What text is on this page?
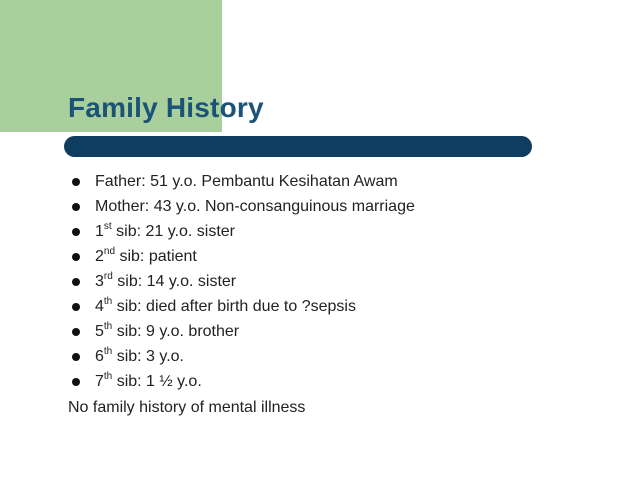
Family History
Father: 51 y.o. Pembantu Kesihatan Awam
Mother: 43 y.o. Non-consanguinous marriage
1st sib: 21 y.o. sister
2nd sib: patient
3rd sib: 14 y.o. sister
4th sib: died after birth due to ?sepsis
5th sib: 9 y.o. brother
6th sib: 3 y.o.
7th sib: 1 ½ y.o.

No family history of mental illness
